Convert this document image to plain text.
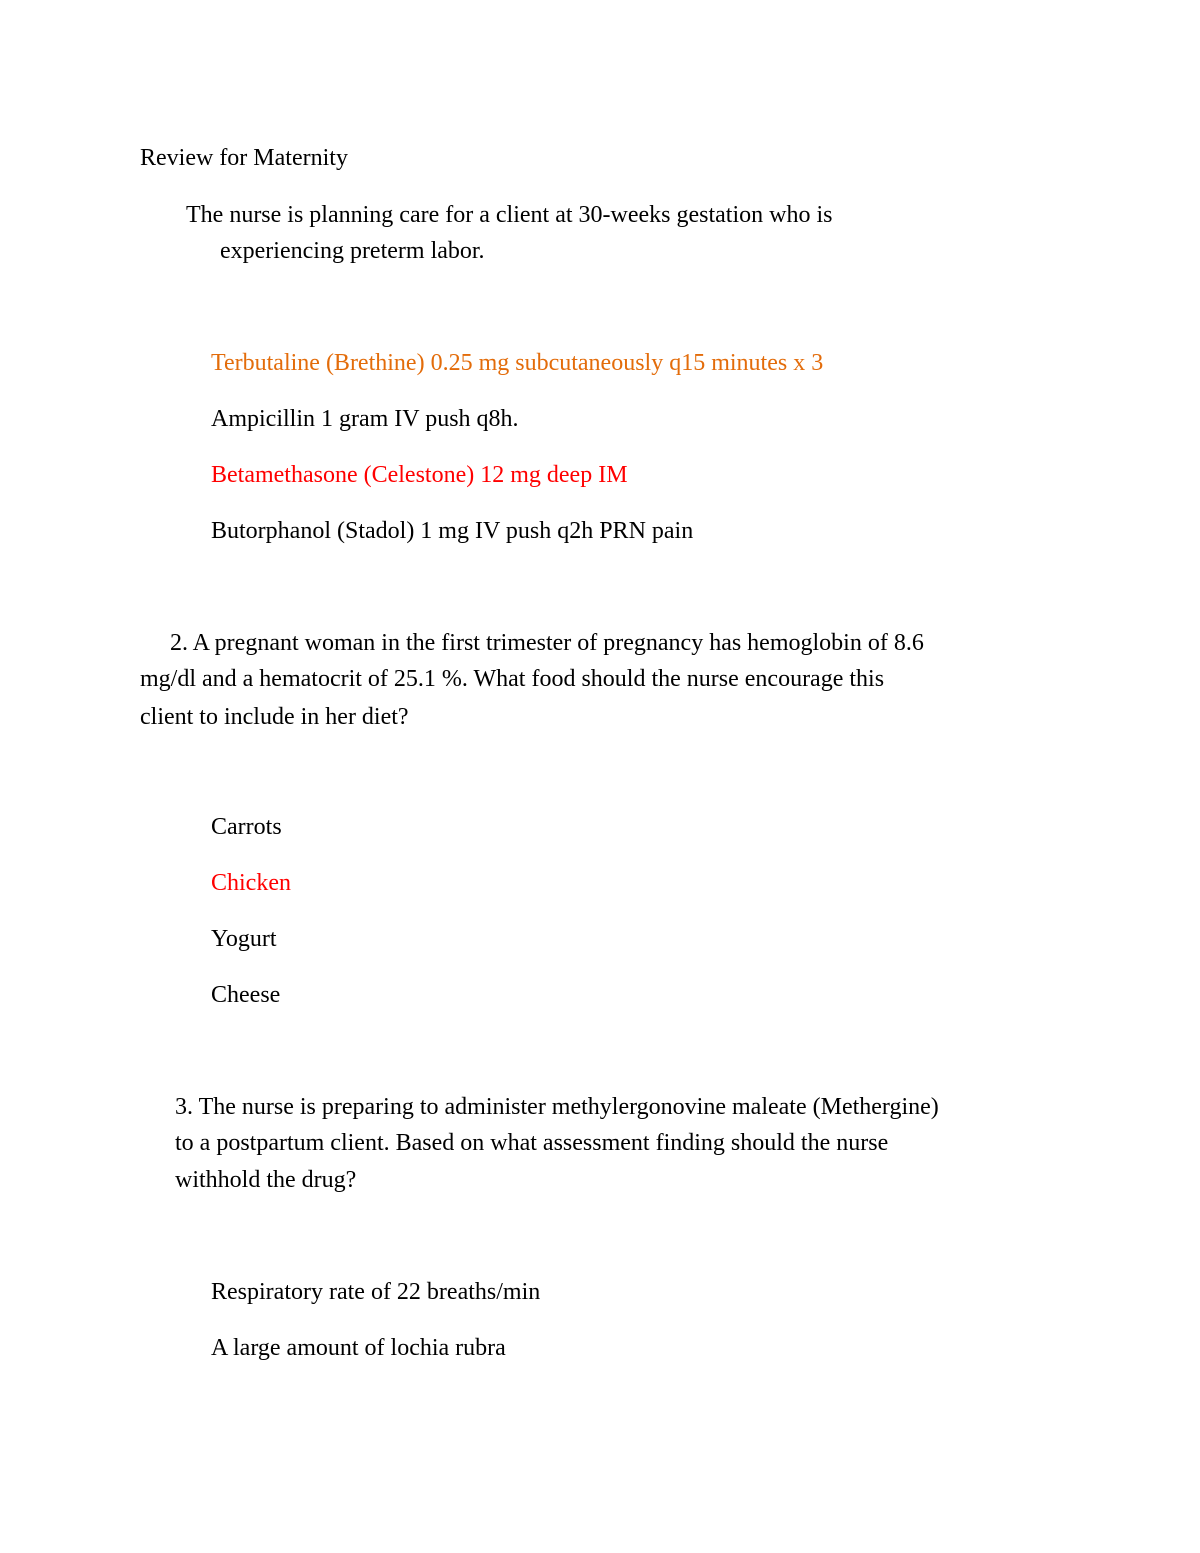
Review for Maternity
The nurse is planning care for a client at 30-weeks gestation who is
experiencing preterm labor.
Terbutaline (Brethine) 0.25 mg subcutaneously q15 minutes x 3
Ampicillin 1 gram IV push q8h.
Betamethasone (Celestone) 12 mg deep IM
Butorphanol (Stadol) 1 mg IV push q2h PRN pain
2. A pregnant woman in the first trimester of pregnancy has hemoglobin of 8.6
mg/dl and a hematocrit of 25.1 %. What food should the nurse encourage this
client to include in her diet?
Carrots
Chicken
Yogurt
Cheese
3. The nurse is preparing to administer methylergonovine maleate (Methergine)
to a postpartum client. Based on what assessment finding should the nurse
withhold the drug?
Respiratory rate of 22 breaths/min
A large amount of lochia rubra
